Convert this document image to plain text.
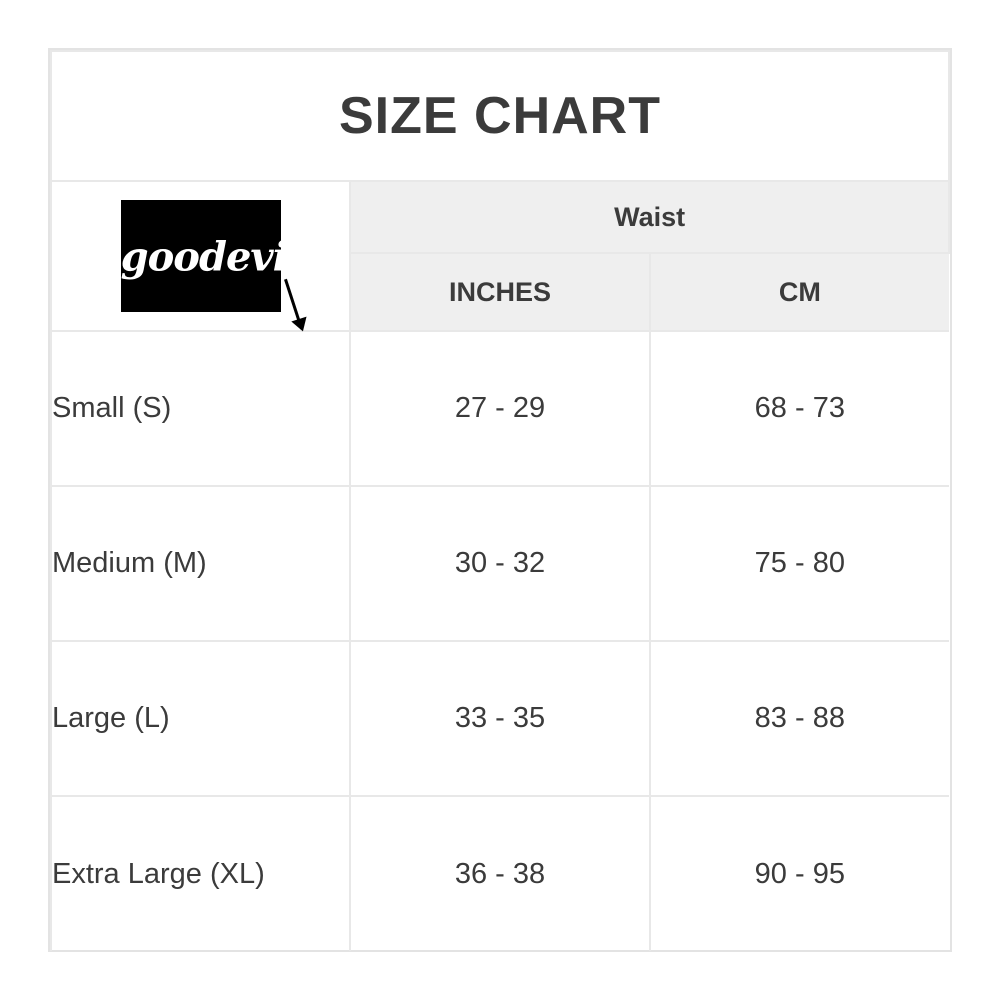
SIZE CHART		

goodevil	Waist	
	INCHES	CM
Small (S)	27 - 29	68 - 73
Medium (M)	30 - 32	75 - 80
Large (L)	33 - 35	83 - 88
Extra Large (XL)	36 - 38	90 - 95
